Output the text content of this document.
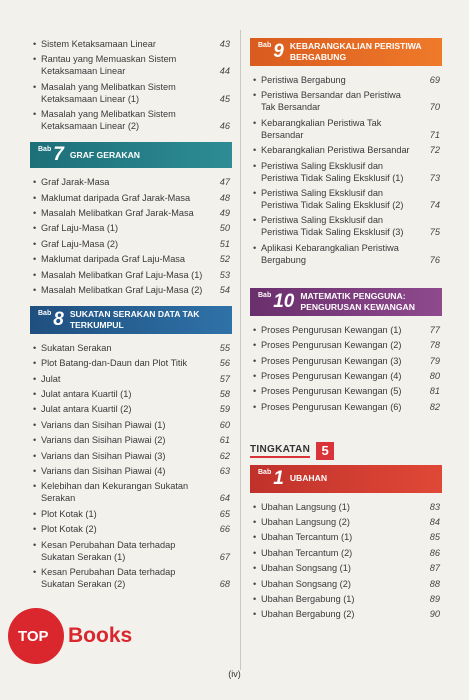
• Sistem Ketaksamaan Linear	43
• Rantau yang Memuaskan Sistem Ketaksamaan Linear	44
• Masalah yang Melibatkan Sistem Ketaksamaan Linear (1)	45
• Masalah yang Melibatkan Sistem Ketaksamaan Linear (2)	46
Bab 7 GRAF GERAKAN
• Graf Jarak-Masa	47
• Maklumat daripada Graf Jarak-Masa	48
• Masalah Melibatkan Graf Jarak-Masa	49
• Graf Laju-Masa (1)	50
• Graf Laju-Masa (2)	51
• Maklumat daripada Graf Laju-Masa	52
• Masalah Melibatkan Graf Laju-Masa (1)	53
• Masalah Melibatkan Graf Laju-Masa (2)	54
Bab 8 SUKATAN SERAKAN DATA TAK TERKUMPUL
• Sukatan Serakan	55
• Plot Batang-dan-Daun dan Plot Titik	56
• Julat	57
• Julat antara Kuartil (1)	58
• Julat antara Kuartil (2)	59
• Varians dan Sisihan Piawai (1)	60
• Varians dan Sisihan Piawai (2)	61
• Varians dan Sisihan Piawai (3)	62
• Varians dan Sisihan Piawai (4)	63
• Kelebihan dan Kekurangan Sukatan Serakan	64
• Plot Kotak (1)	65
• Plot Kotak (2)	66
• Kesan Perubahan Data terhadap Sukatan Serakan (1)	67
• Kesan Perubahan Data terhadap Sukatan Serakan (2)	68
Bab 9 KEBARANGKALIAN PERISTIWA BERGABUNG
• Peristiwa Bergabung	69
• Peristiwa Bersandar dan Peristiwa Tak Bersandar	70
• Kebarangkalian Peristiwa Tak Bersandar	71
• Kebarangkalian Peristiwa Bersandar	72
• Peristiwa Saling Eksklusif dan Peristiwa Tidak Saling Eksklusif (1)	73
• Peristiwa Saling Eksklusif dan Peristiwa Tidak Saling Eksklusif (2)	74
• Peristiwa Saling Eksklusif dan Peristiwa Tidak Saling Eksklusif (3)	75
• Aplikasi Kebarangkalian Peristiwa Bergabung	76
Bab 10 MATEMATIK PENGGUNA: PENGURUSAN KEWANGAN
• Proses Pengurusan Kewangan (1)	77
• Proses Pengurusan Kewangan (2)	78
• Proses Pengurusan Kewangan (3)	79
• Proses Pengurusan Kewangan (4)	80
• Proses Pengurusan Kewangan (5)	81
• Proses Pengurusan Kewangan (6)	82
TINGKATAN 5
Bab 1 UBAHAN
• Ubahan Langsung (1)	83
• Ubahan Langsung (2)	84
• Ubahan Tercantum (1)	85
• Ubahan Tercantum (2)	86
• Ubahan Songsang (1)	87
• Ubahan Songsang (2)	88
• Ubahan Bergabung (1)	89
• Ubahan Bergabung (2)	90
TOP Books
(iv)
